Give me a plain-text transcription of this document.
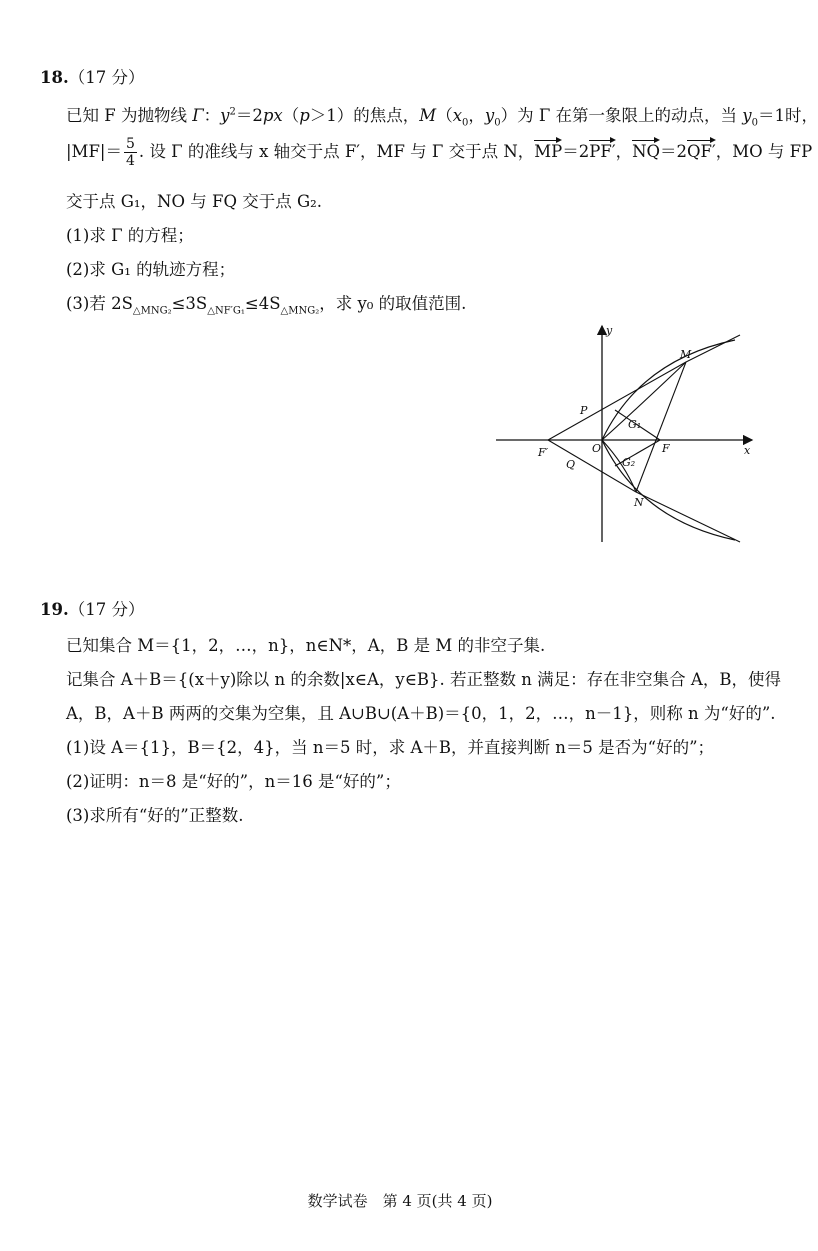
18.（17 分）
已知 F 为抛物线 Γ：$y^2=2px(p>1)$的焦点，$M(x_0$，$y_0$）为 Γ 在第一象限上的动点，当 $y_0=1$时，
$|MF|= \frac{5}{4}$ . 设 Γ 的准线与 x 轴交于点 F′，MF 与 Γ 交于点 N，MP＝2PF′，NQ＝2QF′，MO 与 FP
交于点 G₁，NO 与 FQ 交于点 G₂.
(1)求 Γ 的方程；
(2)求 G₁ 的轨迹方程；
(3)若 $2S_{\triangle MNG_2}\le 3S_{\triangle NF'G_1}\le 4S_{\triangle MNG_2}$，求 y₀ 的取值范围.
y
x
M
P
G₁
F
F′	O
Q	G₂
N
19.（17 分）
已知集合 M＝{1，2，…，n}，n∈N*，A，B 是 M 的非空子集.
记集合 A＋B＝{(x＋y)除以 n 的余数|x∈A，y∈B}. 若正整数 n 满足：存在非空集合 A，B，使得
A，B，A＋B 两两的交集为空集，且 A∪B∪(A＋B)＝{0，1，2，…，n－1}，则称 n 为“好的”.
(1)设 A＝{1}，B＝{2，4}，当 n＝5 时，求 A＋B，并直接判断 n＝5 是否为“好的”；
(2)证明：n＝8 是“好的”，n＝16 是“好的”；
(3)求所有“好的”正整数.
数学试卷　第 4 页(共 4 页)
